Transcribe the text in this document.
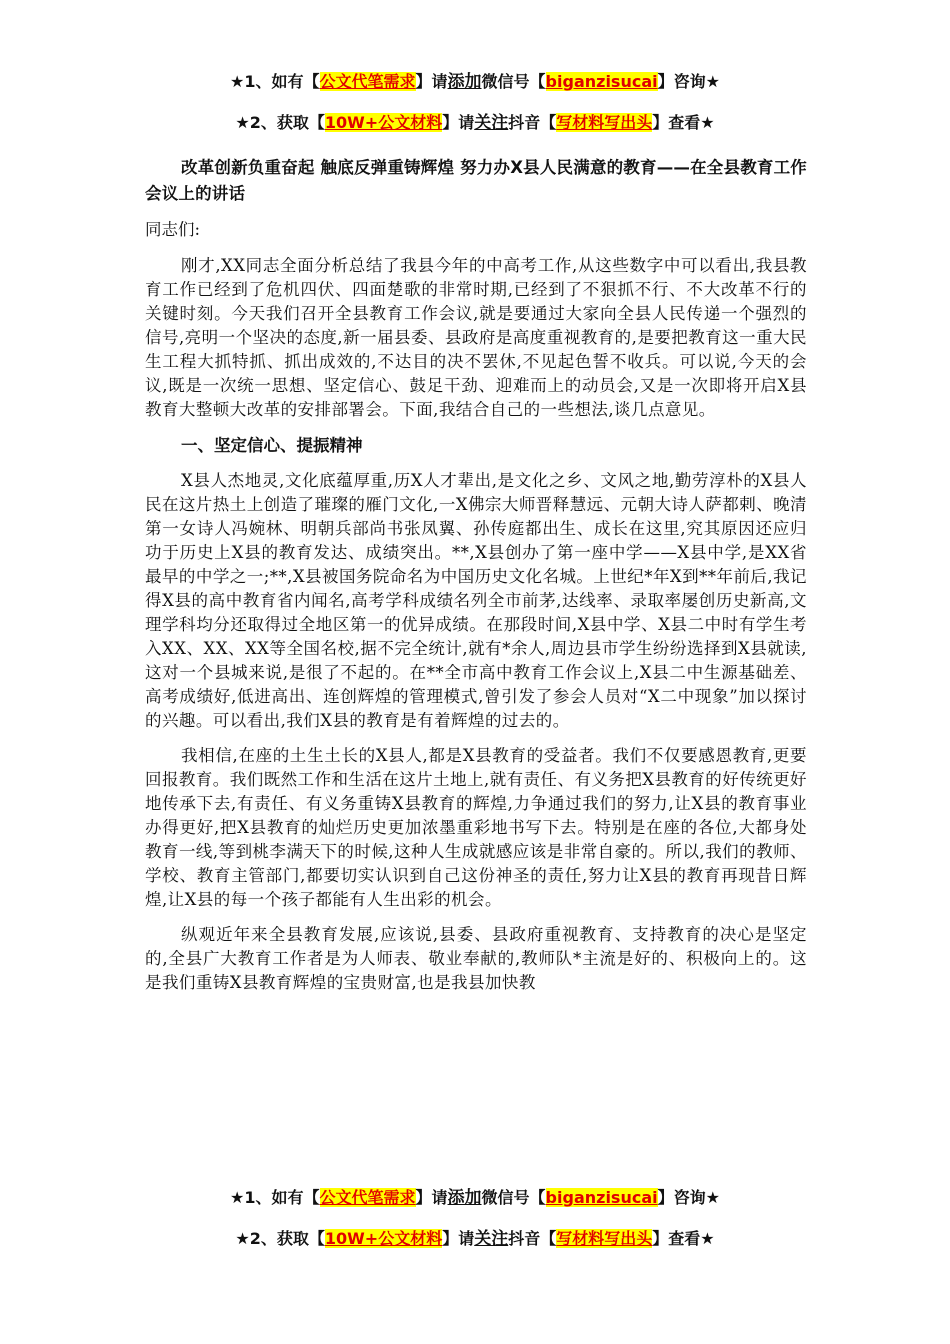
★1、如有【公文代笔需求】请添加微信号【biganzisucai】咨询★
★2、获取【10W+公文材料】请关注抖音【写材料写出头】查看★

改革创新负重奋起 触底反弹重铸辉煌 努力办X县人民满意的教育——在全县教育工作会议上的讲话

同志们:

刚才,XX同志全面分析总结了我县今年的中高考工作,从这些数字中可以看出,我县教育工作已经到了危机四伏、四面楚歌的非常时期,已经到了不狠抓不行、不大改革不行的关键时刻。今天我们召开全县教育工作会议,就是要通过大家向全县人民传递一个强烈的信号,亮明一个坚决的态度,新一届县委、县政府是高度重视教育的,是要把教育这一重大民生工程大抓特抓、抓出成效的,不达目的决不罢休,不见起色誓不收兵。可以说,今天的会议,既是一次统一思想、坚定信心、鼓足干劲、迎难而上的动员会,又是一次即将开启X县教育大整顿大改革的安排部署会。下面,我结合自己的一些想法,谈几点意见。

一、坚定信心、提振精神

X县人杰地灵,文化底蕴厚重,历X人才辈出,是文化之乡、文风之地,勤劳淳朴的X县人民在这片热土上创造了璀璨的雁门文化,一X佛宗大师晋释慧远、元朝大诗人萨都剌、晚清第一女诗人冯婉林、明朝兵部尚书张凤翼、孙传庭都出生、成长在这里,究其原因还应归功于历史上X县的教育发达、成绩突出。**,X县创办了第一座中学——X县中学,是XX省最早的中学之一;**,X县被国务院命名为中国历史文化名城。上世纪*年X到**年前后,我记得X县的高中教育省内闻名,高考学科成绩名列全市前茅,达线率、录取率屡创历史新高,文理学科均分还取得过全地区第一的优异成绩。在那段时间,X县中学、X县二中时有学生考入XX、XX、XX等全国名校,据不完全统计,就有*余人,周边县市学生纷纷选择到X县就读,这对一个县城来说,是很了不起的。在**全市高中教育工作会议上,X县二中生源基础差、高考成绩好,低进高出、连创辉煌的管理模式,曾引发了参会人员对“X二中现象”加以探讨的兴趣。可以看出,我们X县的教育是有着辉煌的过去的。

我相信,在座的土生土长的X县人,都是X县教育的受益者。我们不仅要感恩教育,更要回报教育。我们既然工作和生活在这片土地上,就有责任、有义务把X县教育的好传统更好地传承下去,有责任、有义务重铸X县教育的辉煌,力争通过我们的努力,让X县的教育事业办得更好,把X县教育的灿烂历史更加浓墨重彩地书写下去。特别是在座的各位,大都身处教育一线,等到桃李满天下的时候,这种人生成就感应该是非常自豪的。所以,我们的教师、学校、教育主管部门,都要切实认识到自己这份神圣的责任,努力让X县的教育再现昔日辉煌,让X县的每一个孩子都能有人生出彩的机会。

纵观近年来全县教育发展,应该说,县委、县政府重视教育、支持教育的决心是坚定的,全县广大教育工作者是为人师表、敬业奉献的,教师队*主流是好的、积极向上的。这是我们重铸X县教育辉煌的宝贵财富,也是我县加快教

★1、如有【公文代笔需求】请添加微信号【biganzisucai】咨询★
★2、获取【10W+公文材料】请关注抖音【写材料写出头】查看★
